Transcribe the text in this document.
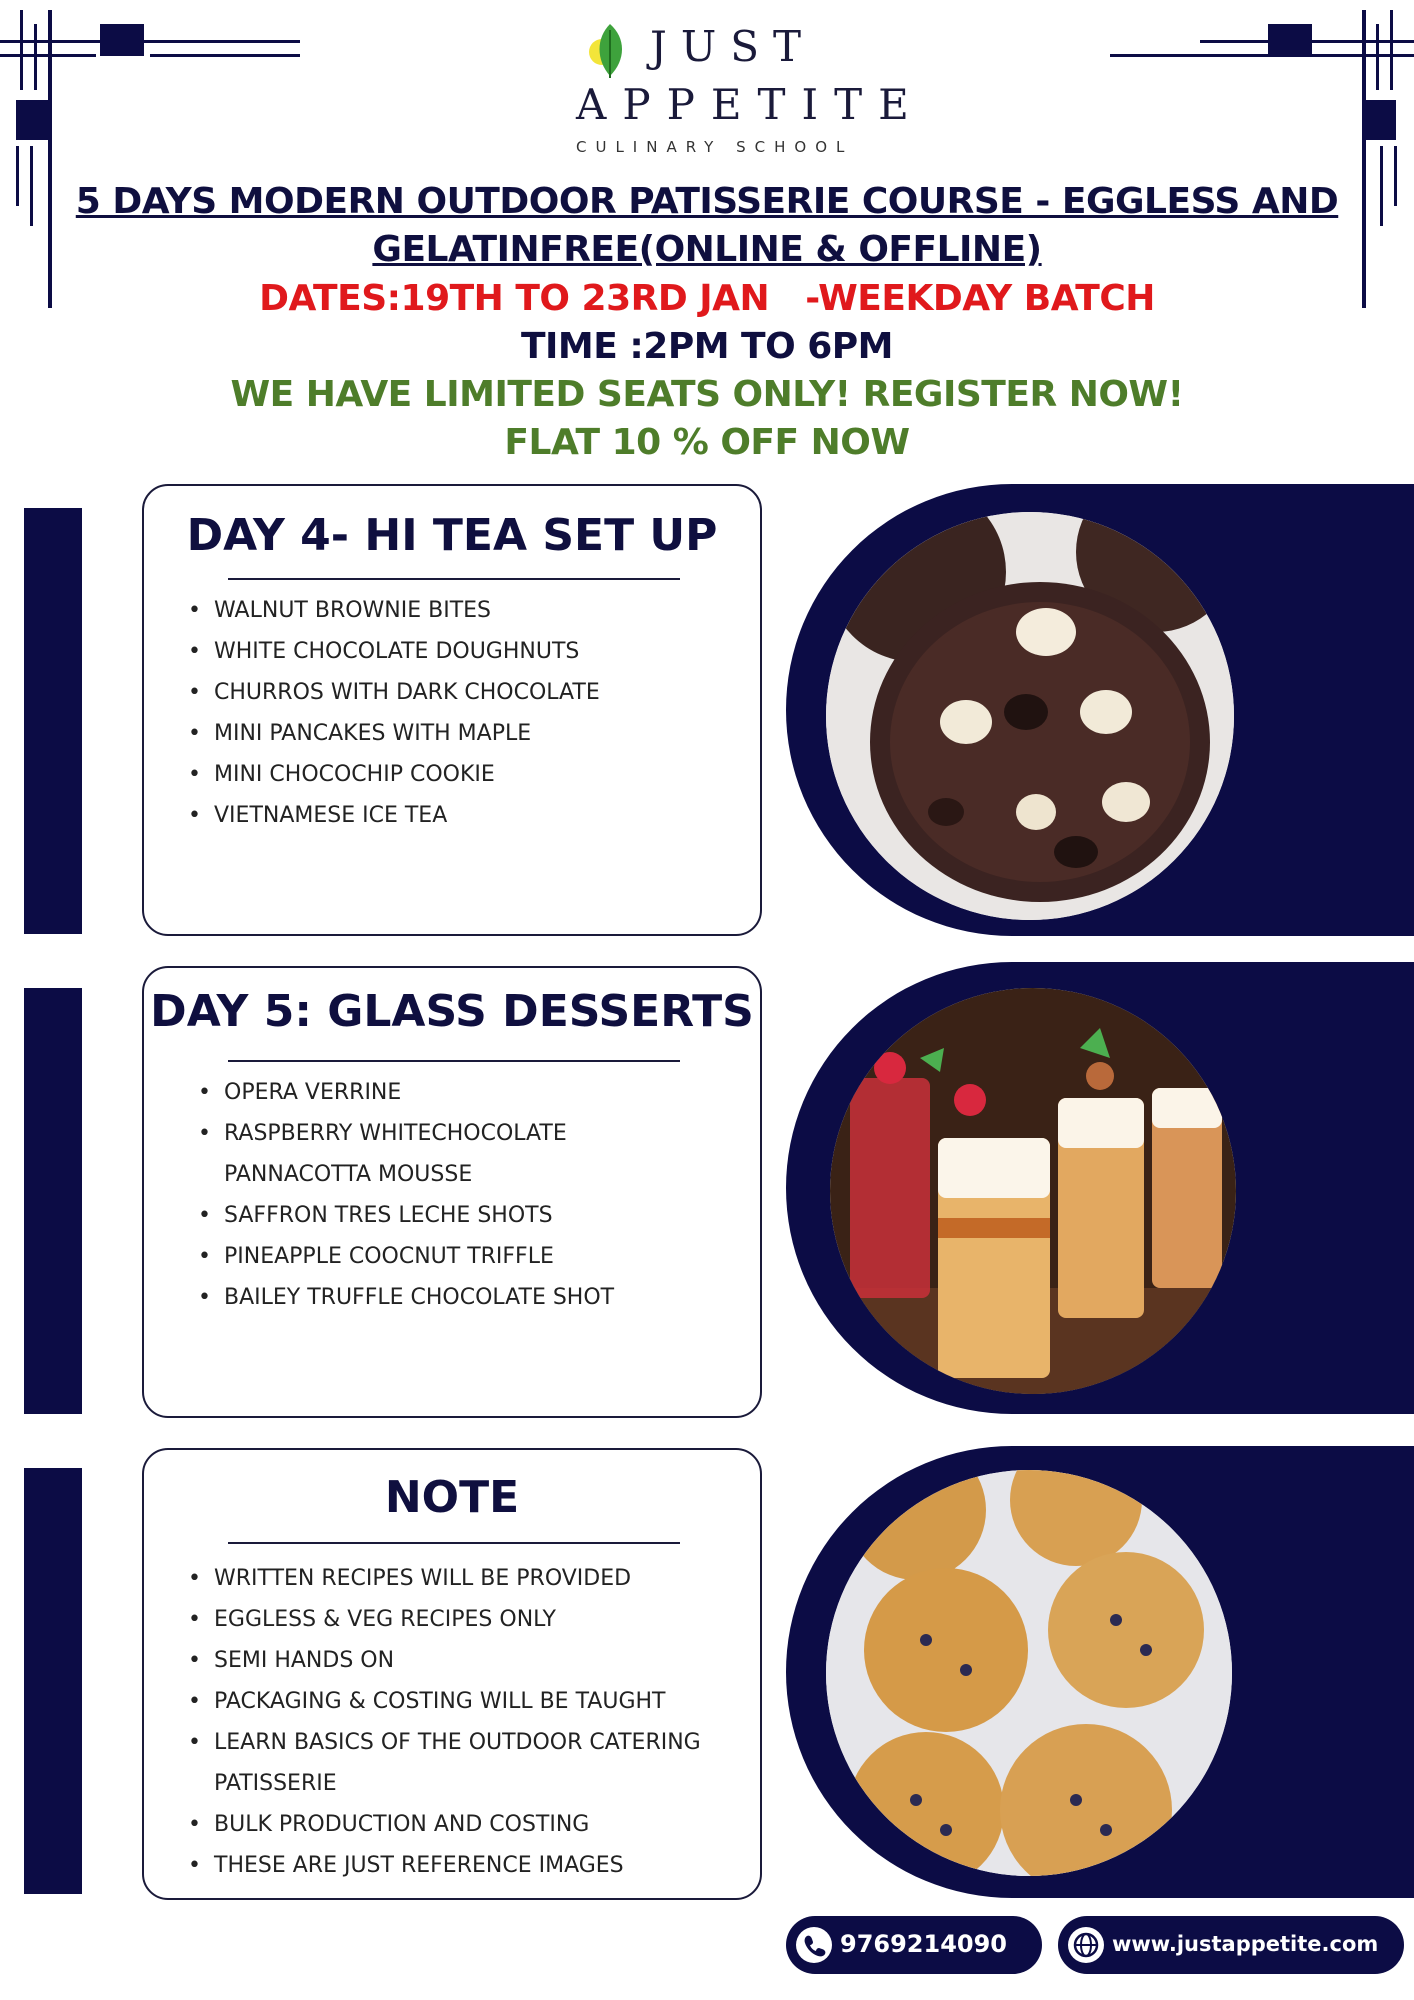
JUST
APPETITE
CULINARY SCHOOL
5 DAYS MODERN OUTDOOR PATISSERIE COURSE - EGGLESS AND
GELATINFREE(ONLINE & OFFLINE)
DATES:19TH TO 23RD JAN   -WEEKDAY BATCH
TIME :2PM TO 6PM
WE HAVE LIMITED SEATS ONLY! REGISTER NOW!
FLAT 10 % OFF NOW
DAY 4- HI TEA SET UP
• WALNUT BROWNIE BITES
• WHITE CHOCOLATE DOUGHNUTS
• CHURROS WITH DARK CHOCOLATE
• MINI PANCAKES WITH MAPLE
• MINI CHOCOCHIP COOKIE
• VIETNAMESE ICE TEA
DAY 5: GLASS DESSERTS
• OPERA VERRINE
• RASPBERRY WHITECHOCOLATE
PANNACOTTA MOUSSE
• SAFFRON TRES LECHE SHOTS
• PINEAPPLE COOCNUT TRIFFLE
• BAILEY TRUFFLE CHOCOLATE SHOT
NOTE
• WRITTEN RECIPES WILL BE PROVIDED
• EGGLESS & VEG RECIPES ONLY
• SEMI HANDS ON
• PACKAGING & COSTING WILL BE TAUGHT
• LEARN BASICS OF THE OUTDOOR CATERING
PATISSERIE
• BULK PRODUCTION AND COSTING
• THESE ARE JUST REFERENCE IMAGES
9769214090	www.justappetite.com
